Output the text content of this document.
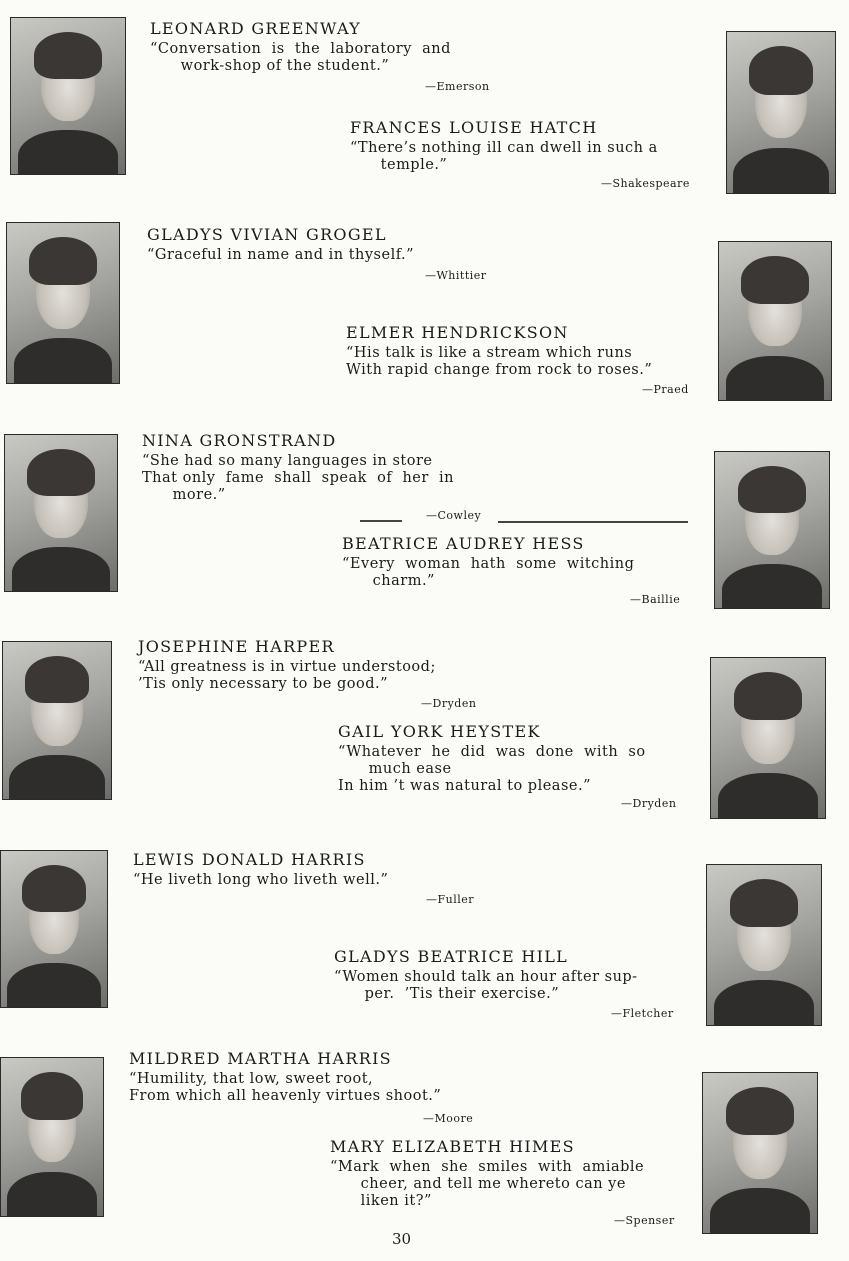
LEONARD GREENWAY
“Conversation  is  the  laboratory  and
work-shop of the student.”
—Emerson
FRANCES LOUISE HATCH
“There’s nothing ill can dwell in such a
temple.”
—Shakespeare
GLADYS VIVIAN GROGEL
“Graceful in name and in thyself.”
—Whittier
ELMER HENDRICKSON
“His talk is like a stream which runs
With rapid change from rock to roses.”
—Praed
NINA GRONSTRAND
“She had so many languages in store
That only  fame  shall  speak  of  her  in
more.”
—Cowley
BEATRICE AUDREY HESS
“Every  woman  hath  some  witching
charm.”
—Baillie
JOSEPHINE HARPER
“All greatness is in virtue understood;
’Tis only necessary to be good.”
—Dryden
GAIL YORK HEYSTEK
“Whatever  he  did  was  done  with  so
much ease
In him ’t was natural to please.”
—Dryden
LEWIS DONALD HARRIS
“He liveth long who liveth well.”
—Fuller
GLADYS BEATRICE HILL
“Women should talk an hour after sup-
per.  ’Tis their exercise.”
—Fletcher
MILDRED MARTHA HARRIS
“Humility, that low, sweet root,
From which all heavenly virtues shoot.”
—Moore
MARY ELIZABETH HIMES
“Mark  when  she  smiles  with  amiable
cheer, and tell me whereto can ye
liken it?”
—Spenser
30
